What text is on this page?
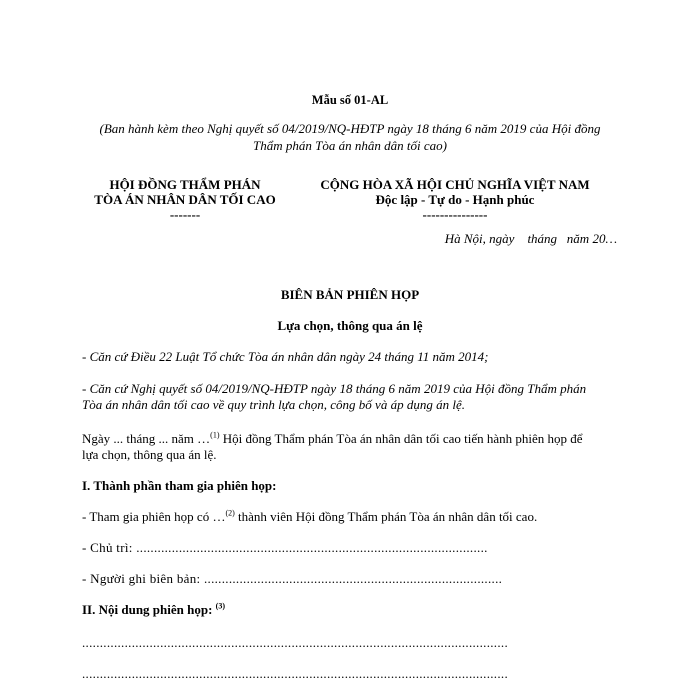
Mẫu số 01-AL
(Ban hành kèm theo Nghị quyết số 04/2019/NQ-HĐTP ngày 18 tháng 6 năm 2019 của Hội đồng
Thẩm phán Tòa án nhân dân tối cao)
HỘI ĐỒNG THẨM PHÁN
TÒA ÁN NHÂN DÂN TỐI CAO
-------
CỘNG HÒA XÃ HỘI CHỦ NGHĨA VIỆT NAM
Độc lập - Tự do - Hạnh phúc
---------------
Hà Nội, ngày    tháng   năm 20…
BIÊN BẢN PHIÊN HỌP
Lựa chọn, thông qua án lệ
- Căn cứ Điều 22 Luật Tổ chức Tòa án nhân dân ngày 24 tháng 11 năm 2014;
- Căn cứ Nghị quyết số 04/2019/NQ-HĐTP ngày 18 tháng 6 năm 2019 của Hội đồng Thẩm phán
Tòa án nhân dân tối cao về quy trình lựa chọn, công bố và áp dụng án lệ.
Ngày ... tháng ... năm …$^{(1)}$ Hội đồng Thẩm phán Tòa án nhân dân tối cao tiến hành phiên họp để
lựa chọn, thông qua án lệ.
I. Thành phần tham gia phiên họp:
- Tham gia phiên họp có …$^{(2)}$ thành viên Hội đồng Thẩm phán Tòa án nhân dân tối cao.
- Chủ trì: ...................................................................................................
- Người ghi biên bản: ....................................................................................
II. Nội dung phiên họp: $^{(3)}$
........................................................................................................................
........................................................................................................................
